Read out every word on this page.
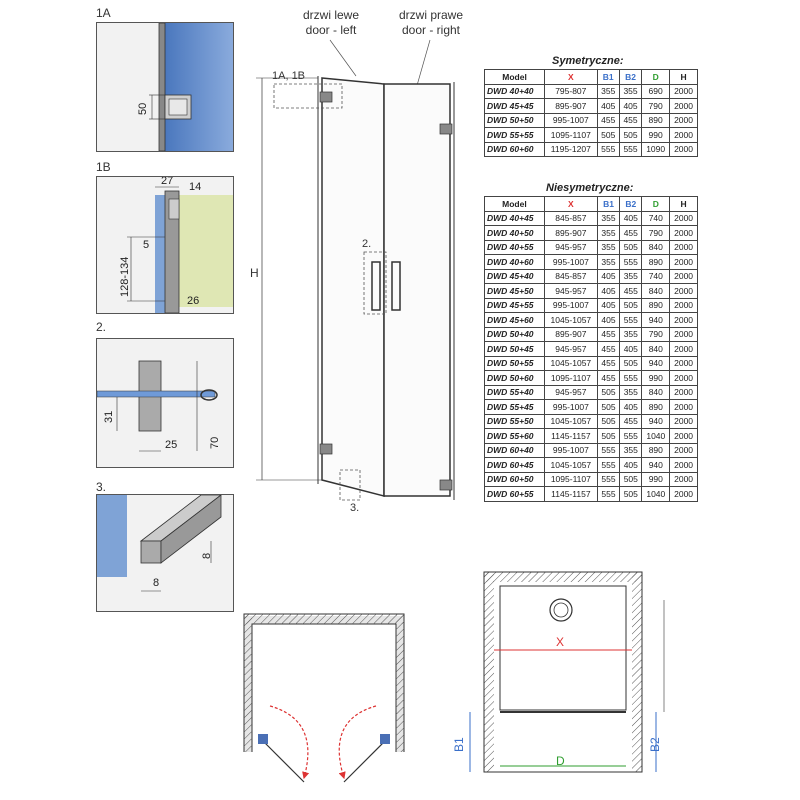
1A
1B
2.
3.
50
27 14
128-134
5
26
31
25	70
8
8
drzwi lewe
door - left
drzwi prawe
door - right
1A, 1B
2.
3.
H
Symetryczne:
Model	X	B1	B2	D	H
DWD 40+40	795-807	355	355	690	2000
DWD 45+45	895-907	405	405	790	2000
DWD 50+50	995-1007	455	455	890	2000
DWD 55+55	1095-1107	505	505	990	2000
DWD 60+60	1195-1207	555	555	1090	2000
Niesymetryczne:
Model	X	B1	B2	D	H
DWD 40+45	845-857	355	405	740	2000
DWD 40+50	895-907	355	455	790	2000
DWD 40+55	945-957	355	505	840	2000
DWD 40+60	995-1007	355	555	890	2000
DWD 45+40	845-857	405	355	740	2000
DWD 45+50	945-957	405	455	840	2000
DWD 45+55	995-1007	405	505	890	2000
DWD 45+60	1045-1057	405	555	940	2000
DWD 50+40	895-907	455	355	790	2000
DWD 50+45	945-957	455	405	840	2000
DWD 50+55	1045-1057	455	505	940	2000
DWD 50+60	1095-1107	455	555	990	2000
DWD 55+40	945-957	505	355	840	2000
DWD 55+45	995-1007	505	405	890	2000
DWD 55+50	1045-1057	505	455	940	2000
DWD 55+60	1145-1157	505	555	1040	2000
DWD 60+40	995-1007	555	355	890	2000
DWD 60+45	1045-1057	555	405	940	2000
DWD 60+50	1095-1107	555	505	990	2000
DWD 60+55	1145-1157	555	505	1040	2000
X
D
B1	B2
